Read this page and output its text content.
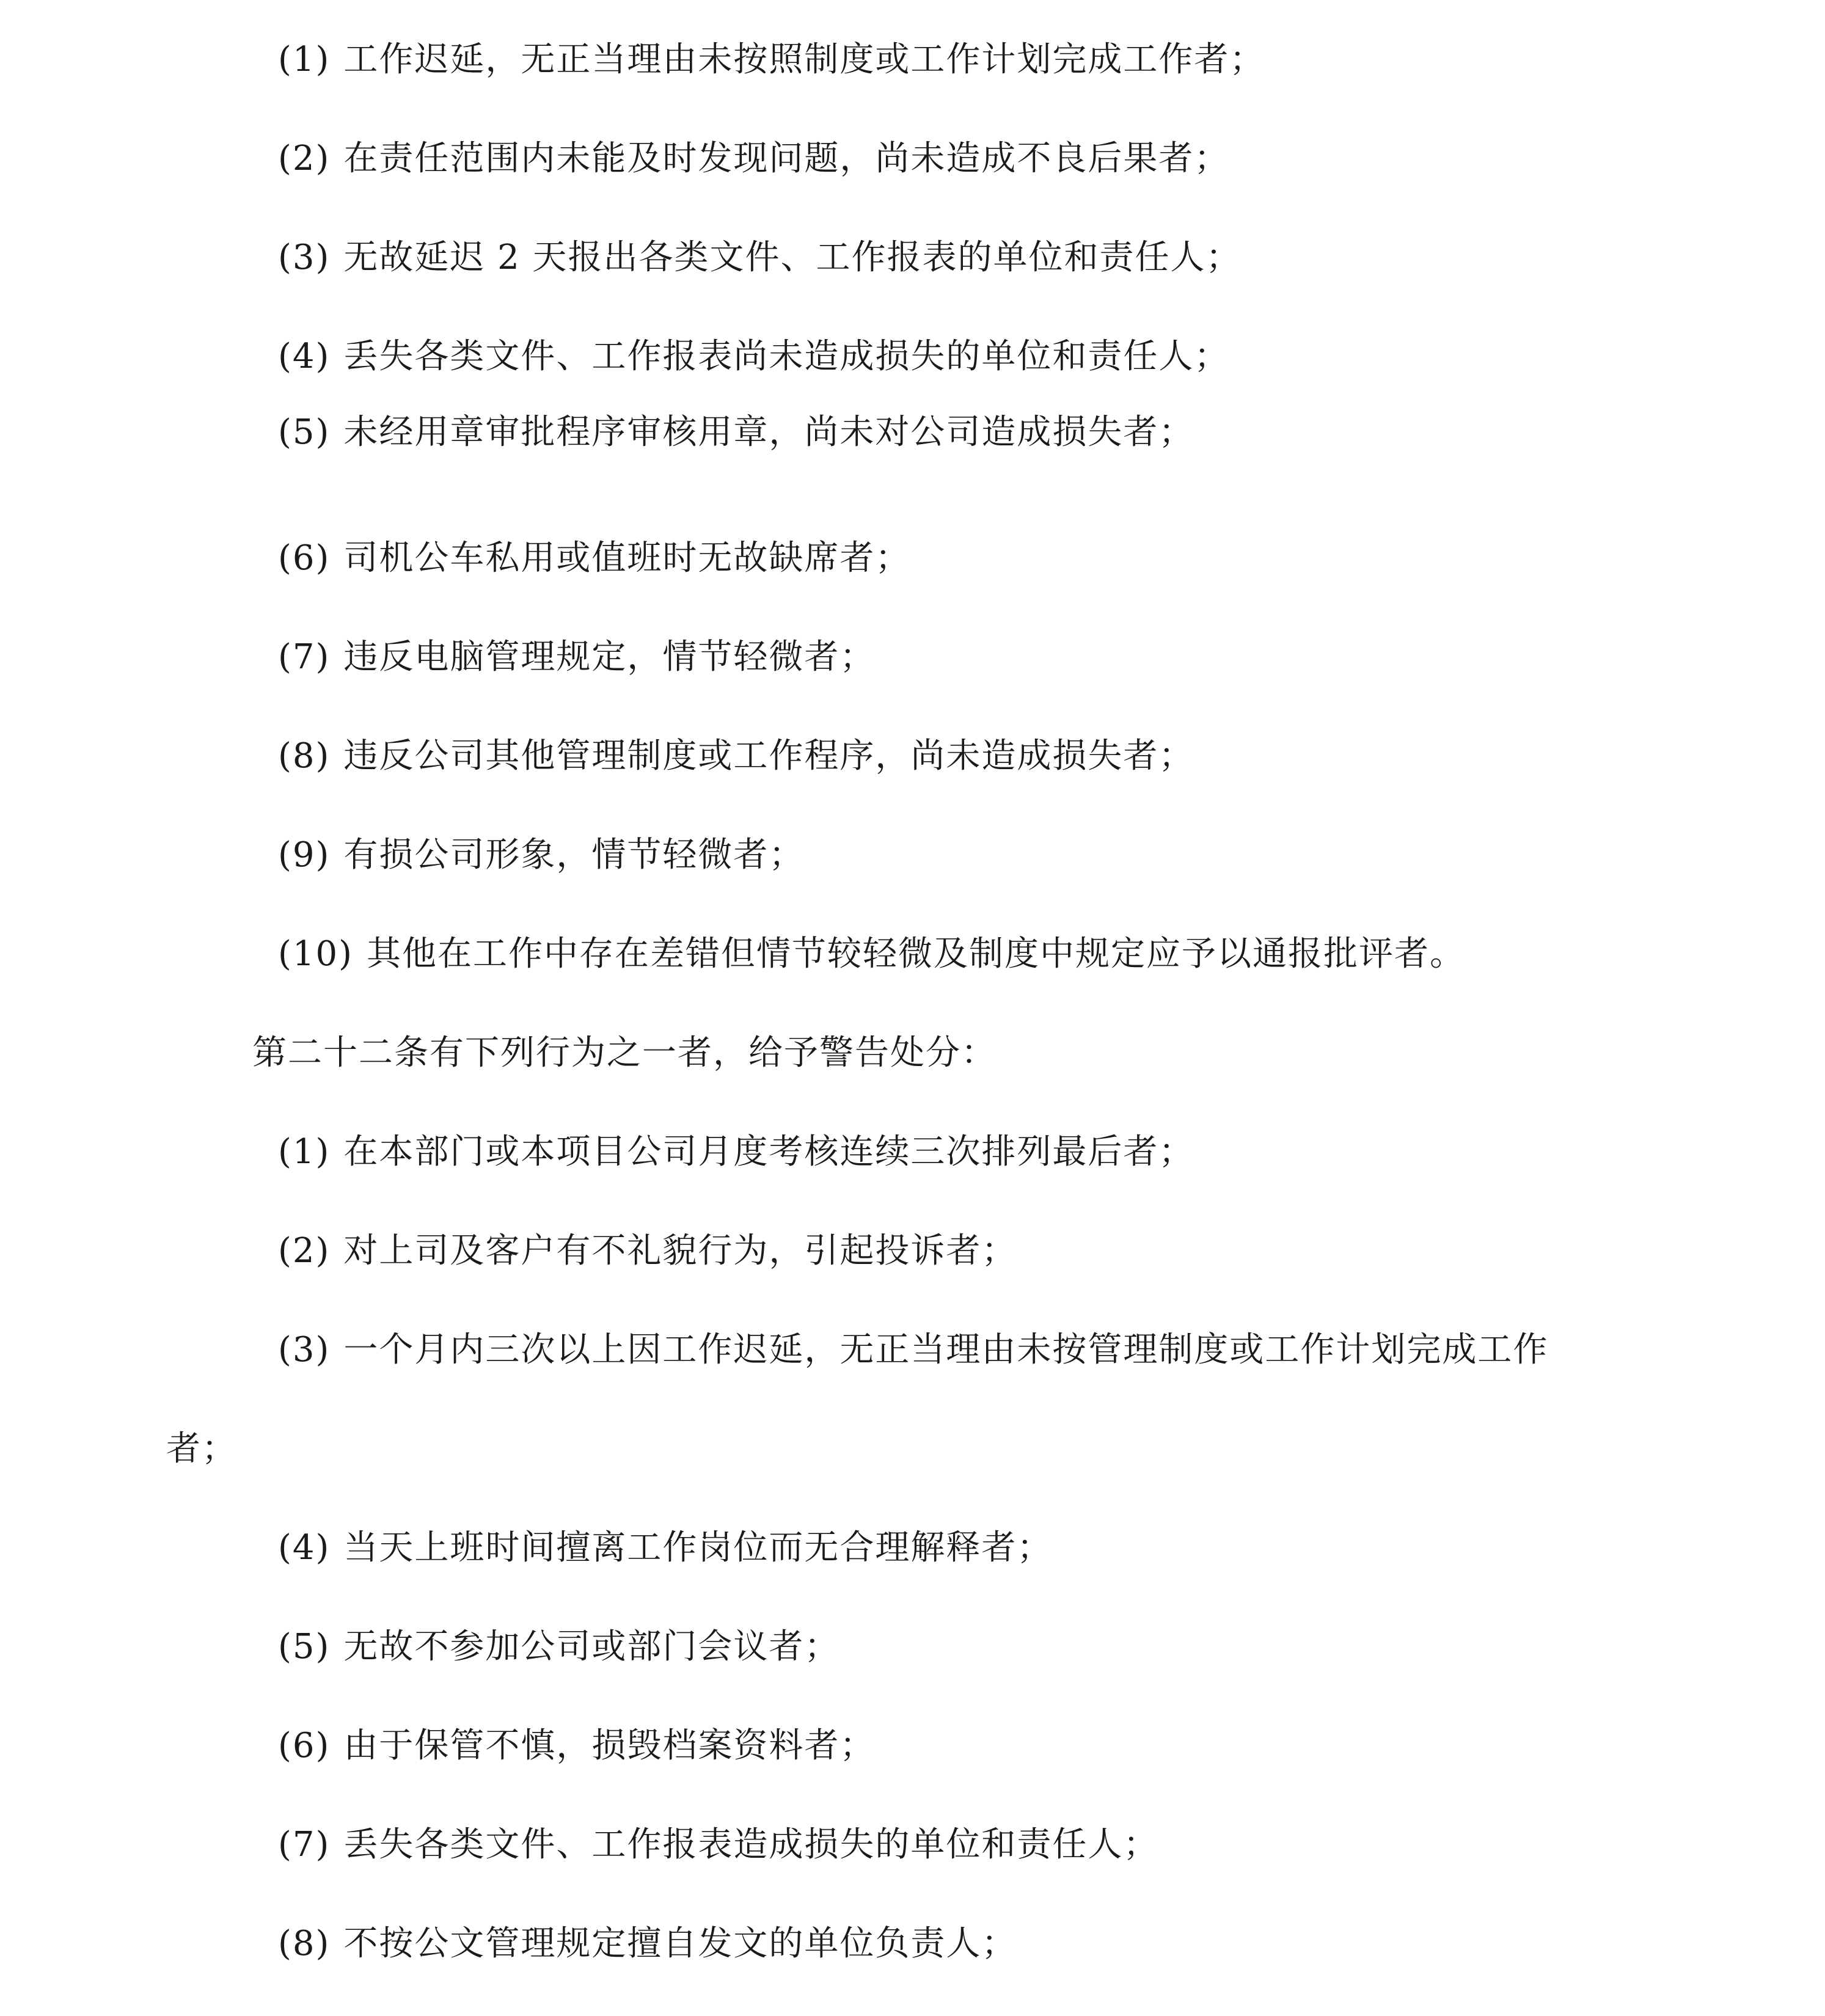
(1) 工作迟延，无正当理由未按照制度或工作计划完成工作者；
(2) 在责任范围内未能及时发现问题，尚未造成不良后果者；
(3) 无故延迟 2 天报出各类文件、工作报表的单位和责任人；
(4) 丢失各类文件、工作报表尚未造成损失的单位和责任人；
(5) 未经用章审批程序审核用章，尚未对公司造成损失者；
(6) 司机公车私用或值班时无故缺席者；
(7) 违反电脑管理规定，情节轻微者；
(8) 违反公司其他管理制度或工作程序，尚未造成损失者；
(9) 有损公司形象，情节轻微者；
(10) 其他在工作中存在差错但情节较轻微及制度中规定应予以通报批评者。
第二十二条有下列行为之一者，给予警告处分：
(1) 在本部门或本项目公司月度考核连续三次排列最后者；
(2) 对上司及客户有不礼貌行为，引起投诉者；
(3) 一个月内三次以上因工作迟延，无正当理由未按管理制度或工作计划完成工作
者；
(4) 当天上班时间擅离工作岗位而无合理解释者；
(5) 无故不参加公司或部门会议者；
(6) 由于保管不慎，损毁档案资料者；
(7) 丢失各类文件、工作报表造成损失的单位和责任人；
(8) 不按公文管理规定擅自发文的单位负责人；
